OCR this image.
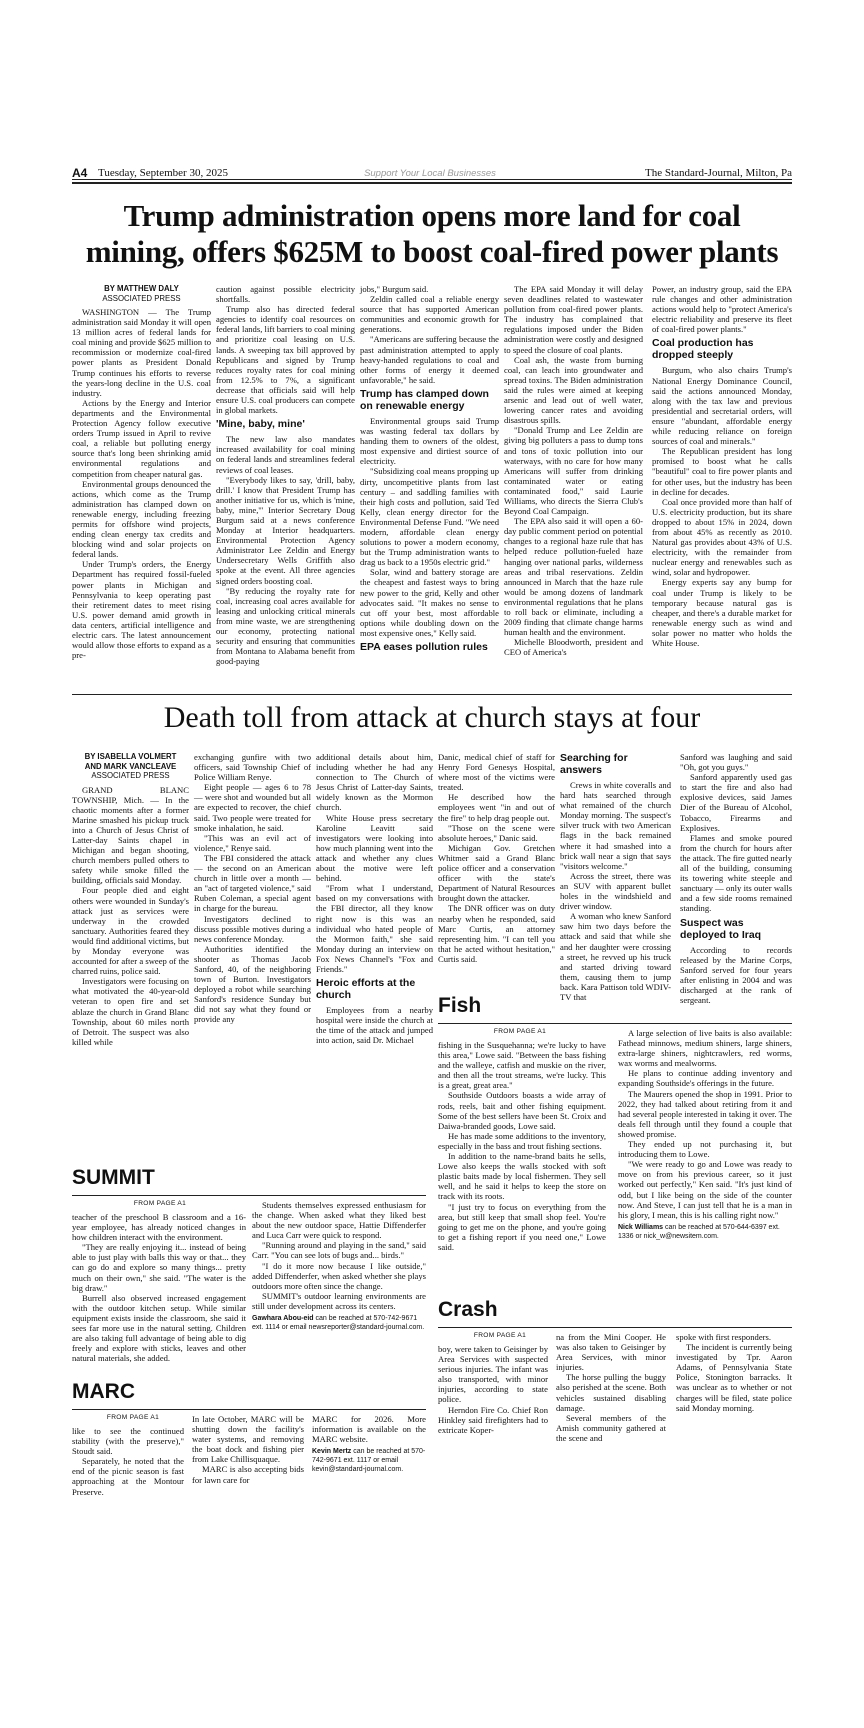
A4 Tuesday, September 30, 2025	Support Your Local Businesses	The Standard-Journal, Milton, Pa
Trump administration opens more land for coal
mining, offers $625M to boost coal-fired power plants
BY MATTHEW DALY
ASSOCIATED PRESS

WASHINGTON — The Trump administration said Monday it will open 13 million acres of federal lands for coal mining and provide $625 million to recommission or modernize coal-fired power plants as President Donald Trump continues his efforts to reverse the years-long decline in the U.S. coal industry.

Actions by the Energy and Interior departments and the Environmental Protection Agency follow executive orders Trump issued in April to revive coal, a reliable but polluting energy source that's long been shrinking amid environmental regulations and competition from cheaper natural gas.

Environmental groups denounced the actions, which come as the Trump administration has clamped down on renewable energy, including freezing permits for offshore wind projects, ending clean energy tax credits and blocking wind and solar projects on federal lands.

Under Trump's orders, the Energy Department has required fossil-fueled power plants in Michigan and Pennsylvania to keep operating past their retirement dates to meet rising U.S. power demand amid growth in data centers, artificial intelligence and electric cars. The latest announcement would allow those efforts to expand as a pre-

caution against possible electricity shortfalls.

Trump also has directed federal agencies to identify coal resources on federal lands, lift barriers to coal mining and prioritize coal leasing on U.S. lands. A sweeping tax bill approved by Republicans and signed by Trump reduces royalty rates for coal mining from 12.5% to 7%, a significant decrease that officials said will help ensure U.S. coal producers can compete in global markets.

'Mine, baby, mine'

The new law also mandates increased availability for coal mining on federal lands and streamlines federal reviews of coal leases.

"Everybody likes to say, 'drill, baby, drill.' I know that President Trump has another initiative for us, which is 'mine, baby, mine,'" Interior Secretary Doug Burgum said at a news conference Monday at Interior headquarters. Environmental Protection Agency Administrator Lee Zeldin and Energy Undersecretary Wells Griffith also spoke at the event. All three agencies signed orders boosting coal.

"By reducing the royalty rate for coal, increasing coal acres available for leasing and unlocking critical minerals from mine waste, we are strengthening our economy, protecting national security and ensuring that communities from Montana to Alabama benefit from good-paying

jobs," Burgum said.

Zeldin called coal a reliable energy source that has supported American communities and economic growth for generations.

"Americans are suffering because the past administration attempted to apply heavy-handed regulations to coal and other forms of energy it deemed unfavorable," he said.

Trump has clamped down on renewable energy

Environmental groups said Trump was wasting federal tax dollars by handing them to owners of the oldest, most expensive and dirtiest source of electricity.

"Subsidizing coal means propping up dirty, uncompetitive plants from last century – and saddling families with their high costs and pollution, said Ted Kelly, clean energy director for the Environmental Defense Fund. "We need modern, affordable clean energy solutions to power a modern economy, but the Trump administration wants to drag us back to a 1950s electric grid."

Solar, wind and battery storage are the cheapest and fastest ways to bring new power to the grid, Kelly and other advocates said. "It makes no sense to cut off your best, most affordable options while doubling down on the most expensive ones," Kelly said.

EPA eases pollution rules

The EPA said Monday it will delay seven deadlines related to wastewater pollution from coal-fired power plants. The industry has complained that regulations imposed under the Biden administration were costly and designed to speed the closure of coal plants.

Coal ash, the waste from burning coal, can leach into groundwater and spread toxins. The Biden administration said the rules were aimed at keeping arsenic and lead out of well water, lowering cancer rates and avoiding disastrous spills.

"Donald Trump and Lee Zeldin are giving big polluters a pass to dump tons and tons of toxic pollution into our waterways, with no care for how many Americans will suffer from drinking contaminated water or eating contaminated food," said Laurie Williams, who directs the Sierra Club's Beyond Coal Campaign.

The EPA also said it will open a 60-day public comment period on potential changes to a regional haze rule that has helped reduce pollution-fueled haze hanging over national parks, wilderness areas and tribal reservations. Zeldin announced in March that the haze rule would be among dozens of landmark environmental regulations that he plans to roll back or eliminate, including a 2009 finding that climate change harms human health and the environment.

Michelle Bloodworth, president and CEO of America's

Power, an industry group, said the EPA rule changes and other administration actions would help to "protect America's electric reliability and preserve its fleet of coal-fired power plants."

Coal production has dropped steeply

Burgum, who also chairs Trump's National Energy Dominance Council, said the actions announced Monday, along with the tax law and previous presidential and secretarial orders, will ensure "abundant, affordable energy while reducing reliance on foreign sources of coal and minerals."

The Republican president has long promised to boost what he calls "beautiful" coal to fire power plants and for other uses, but the industry has been in decline for decades.

Coal once provided more than half of U.S. electricity production, but its share dropped to about 15% in 2024, down from about 45% as recently as 2010. Natural gas provides about 43% of U.S. electricity, with the remainder from nuclear energy and renewables such as wind, solar and hydropower.

Energy experts say any bump for coal under Trump is likely to be temporary because natural gas is cheaper, and there's a durable market for renewable energy such as wind and solar power no matter who holds the White House.

Death toll from attack at church stays at four
BY ISABELLA VOLMERT
AND MARK VANCLEAVE
ASSOCIATED PRESS

GRAND BLANC TOWNSHIP, Mich. — In the chaotic moments after a former Marine smashed his pickup truck into a Church of Jesus Christ of Latter-day Saints chapel in Michigan and began shooting, church members pulled others to safety while smoke filled the building, officials said Monday.

Four people died and eight others were wounded in Sunday's attack just as services were underway in the crowded sanctuary. Authorities feared they would find additional victims, but by Monday everyone was accounted for after a sweep of the charred ruins, police said.

Investigators were focusing on what motivated the 40-year-old veteran to open fire and set ablaze the church in Grand Blanc Township, about 60 miles north of Detroit. The suspect was also killed while

exchanging gunfire with two officers, said Township Chief of Police William Renye.

Eight people — ages 6 to 78 — were shot and wounded but all are expected to recover, the chief said. Two people were treated for smoke inhalation, he said.

"This was an evil act of violence," Renye said.

The FBI considered the attack — the second on an American church in little over a month — an "act of targeted violence," said Ruben Coleman, a special agent in charge for the bureau.

Investigators declined to discuss possible motives during a news conference Monday.

Authorities identified the shooter as Thomas Jacob Sanford, 40, of the neighboring town of Burton. Investigators deployed a robot while searching Sanford's residence Sunday but did not say what they found or provide any

additional details about him, including whether he had any connection to The Church of Jesus Christ of Latter-day Saints, widely known as the Mormon church.

White House press secretary Karoline Leavitt said investigators were looking into how much planning went into the attack and whether any clues about the motive were left behind.

"From what I understand, based on my conversations with the FBI director, all they know right now is this was an individual who hated people of the Mormon faith," she said Monday during an interview on Fox News Channel's "Fox and Friends."

Heroic efforts at the church

Employees from a nearby hospital were inside the church at the time of the attack and jumped into action, said Dr. Michael

Danic, medical chief of staff for Henry Ford Genesys Hospital, where most of the victims were treated.

He described how the employees went "in and out of the fire" to help drag people out.

"Those on the scene were absolute heroes," Danic said.

Michigan Gov. Gretchen Whitmer said a Grand Blanc police officer and a conservation officer with the state's Department of Natural Resources brought down the attacker.

The DNR officer was on duty nearby when he responded, said Marc Curtis, an attorney representing him. "I can tell you that he acted without hesitation," Curtis said.

Searching for answers

Crews in white coveralls and hard hats searched through what remained of the church Monday morning. The suspect's silver truck with two American flags in the back remained where it had smashed into a brick wall near a sign that says "visitors welcome."

Across the street, there was an SUV with apparent bullet holes in the windshield and driver window.

A woman who knew Sanford saw him two days before the attack and said that while she and her daughter were crossing a street, he revved up his truck and started driving toward them, causing them to jump back. Kara Pattison told WDIV-TV that

Sanford was laughing and said "Oh, got you guys."

Sanford apparently used gas to start the fire and also had explosive devices, said James Dier of the Bureau of Alcohol, Tobacco, Firearms and Explosives.

Flames and smoke poured from the church for hours after the attack. The fire gutted nearly all of the building, consuming its towering white steeple and sanctuary — only its outer walls and a few side rooms remained standing.

Suspect was deployed to Iraq

According to records released by the Marine Corps, Sanford served for four years after enlisting in 2004 and was discharged at the rank of sergeant.

Fish
FROM PAGE A1

fishing in the Susquehanna; we're lucky to have this area," Lowe said. "Between the bass fishing and the walleye, catfish and muskie on the river, and then all the trout streams, we're lucky. This is a great, great area."

Southside Outdoors boasts a wide array of rods, reels, bait and other fishing equipment. Some of the best sellers have been St. Croix and Daiwa-branded goods, Lowe said.

He has made some additions to the inventory, especially in the bass and trout fishing sections.

In addition to the name-brand baits he sells, Lowe also keeps the walls stocked with soft plastic baits made by local fishermen. They sell well, and he said it helps to keep the store on track with its roots.

"I just try to focus on everything from the area, but still keep that small shop feel. You're going to get me on the phone, and you're going to get a fishing report if you need one," Lowe said.

A large selection of live baits is also available: Fathead minnows, medium shiners, large shiners, extra-large shiners, nightcrawlers, red worms, wax worms and mealworms.

He plans to continue adding inventory and expanding Southside's offerings in the future.

The Maurers opened the shop in 1991. Prior to 2022, they had talked about retiring from it and had several people interested in taking it over. The deals fell through until they found a couple that showed promise.

They ended up not purchasing it, but introducing them to Lowe.

"We were ready to go and Lowe was ready to move on from his previous career, so it just worked out perfectly," Ken said. "It's just kind of odd, but I like being on the side of the counter now. And Steve, I can just tell that he is a man in his glory, I mean, this is his calling right now."

Nick Williams can be reached at 570-644-6397 ext. 1336 or nick_w@newsitem.com.
SUMMIT
FROM PAGE A1

teacher of the preschool B classroom and a 16-year employee, has already noticed changes in how children interact with the environment.

"They are really enjoying it... instead of being able to just play with balls this way or that... they can go do and explore so many things... pretty much on their own," she said. "The water is the big draw."

Burrell also observed increased engagement with the outdoor kitchen setup. While similar equipment exists inside the classroom, she said it sees far more use in the natural setting. Children are also taking full advantage of being able to dig freely and explore with sticks, leaves and other natural materials, she added.

Students themselves expressed enthusiasm for the change. When asked what they liked best about the new outdoor space, Hattie Diffenderfer and Luca Carr were quick to respond.

"Running around and playing in the sand," said Carr. "You can see lots of bugs and... birds."

"I do it more now because I like outside," added Diffenderfer, when asked whether she plays outdoors more often since the change.

SUMMIT's outdoor learning environments are still under development across its centers.

Gawhara Abou-eid can be reached at 570-742-9671 ext. 1114 or email newsreporter@standard-journal.com.
Crash
FROM PAGE A1

boy, were taken to Geisinger by Area Services with suspected serious injuries. The infant was also transported, with minor injuries, according to state police.

Herndon Fire Co. Chief Ron Hinkley said firefighters had to extricate Koper-

na from the Mini Cooper. He was also taken to Geisinger by Area Services, with minor injuries.

The horse pulling the buggy also perished at the scene. Both vehicles sustained disabling damage.

Several members of the Amish community gathered at the scene and

spoke with first responders.

The incident is currently being investigated by Tpr. Aaron Adams, of Pennsylvania State Police, Stonington barracks. It was unclear as to whether or not charges will be filed, state police said Monday morning.

MARC
FROM PAGE A1

like to see the continued stability (with the preserve)," Stoudt said.

Separately, he noted that the end of the picnic season is fast approaching at the Montour Preserve.

In late October, MARC will be shutting down the facility's water systems, and removing the boat dock and fishing pier from Lake Chillisquaque.

MARC is also accepting bids for lawn care for

MARC for 2026. More information is available on the MARC website.

Kevin Mertz can be reached at 570-742-9671 ext. 1117 or email kevin@standard-journal.com.
